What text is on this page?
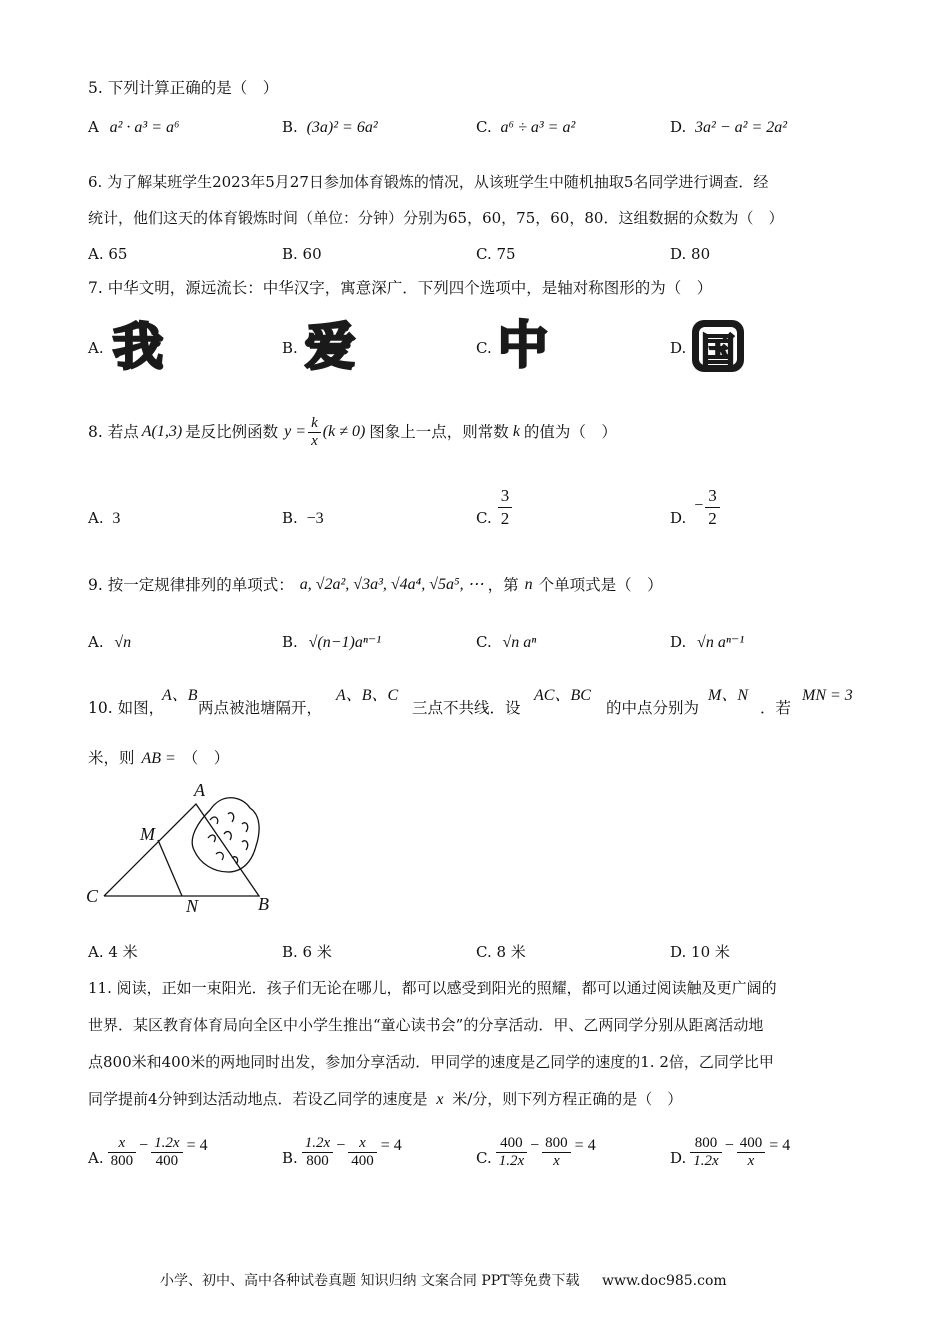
5. 下列计算正确的是（　）
A a² · a³ = a⁶	B. (3a)² = 6a²	C. a⁶ ÷ a³ = a²	D. 3a² − a² = 2a²
6. 为了解某班学生2023年5月27日参加体育锻炼的情况，从该班学生中随机抽取5名同学进行调查．经
统计，他们这天的体育锻炼时间（单位：分钟）分别为65，60，75，60，80．这组数据的众数为（　）
A. 65	B. 60	C. 75	D. 80
7. 中华文明，源远流长：中华汉字，寓意深广．下列四个选项中，是轴对称图形的为（　）
A. 我	B. 爱	C. 中	D. 国
8. 若点 A(1,3) 是反比例函数 $y = \frac{k}{x} (k \ne 0)$ 图象上一点，则常数 k 的值为（　）
A. 3	B. −3	C. $\frac{3}{2}$	D.
− $\frac{3}{2}$
9. 按一定规律排列的单项式： a, √2a², √3a³, √4a⁴, √5a⁵, ⋯ ，第 n 个单项式是（　）
A. √n	B. √(n−1)aⁿ⁻¹	C. √n aⁿ	D. √n aⁿ⁻¹
10. 如图，
A、B
两点被池塘隔开，
A、B、C
三点不共线．设
AC、BC
的中点分别为
M、N
．若
MN = 3
米，则 AB = （　）
A
M
C	N	B
A. 4 米	B. 6 米	C. 8 米	D. 10 米
11. 阅读，正如一束阳光．孩子们无论在哪儿，都可以感受到阳光的照耀，都可以通过阅读触及更广阔的
世界．某区教育体育局向全区中小学生推出“童心读书会”的分享活动．甲、乙两同学分别从距离活动地
点800米和400米的两地同时出发，参加分享活动．甲同学的速度是乙同学的速度的1. 2倍，乙同学比甲
同学提前4分钟到达活动地点．若设乙同学的速度是 x 米/分，则下列方程正确的是（　）
A. $\frac{x}{800} - \frac{1.2x}{400} = 4$
B. $\frac{1.2x}{800} - \frac{x}{400} = 4$
C. $\frac{400}{1.2x} - \frac{800}{x} = 4$
D. $\frac{800}{1.2x} - \frac{400}{x} = 4$
小学、初中、高中各种试卷真题 知识归纳 文案合同 PPT等免费下载 www.doc985.com
